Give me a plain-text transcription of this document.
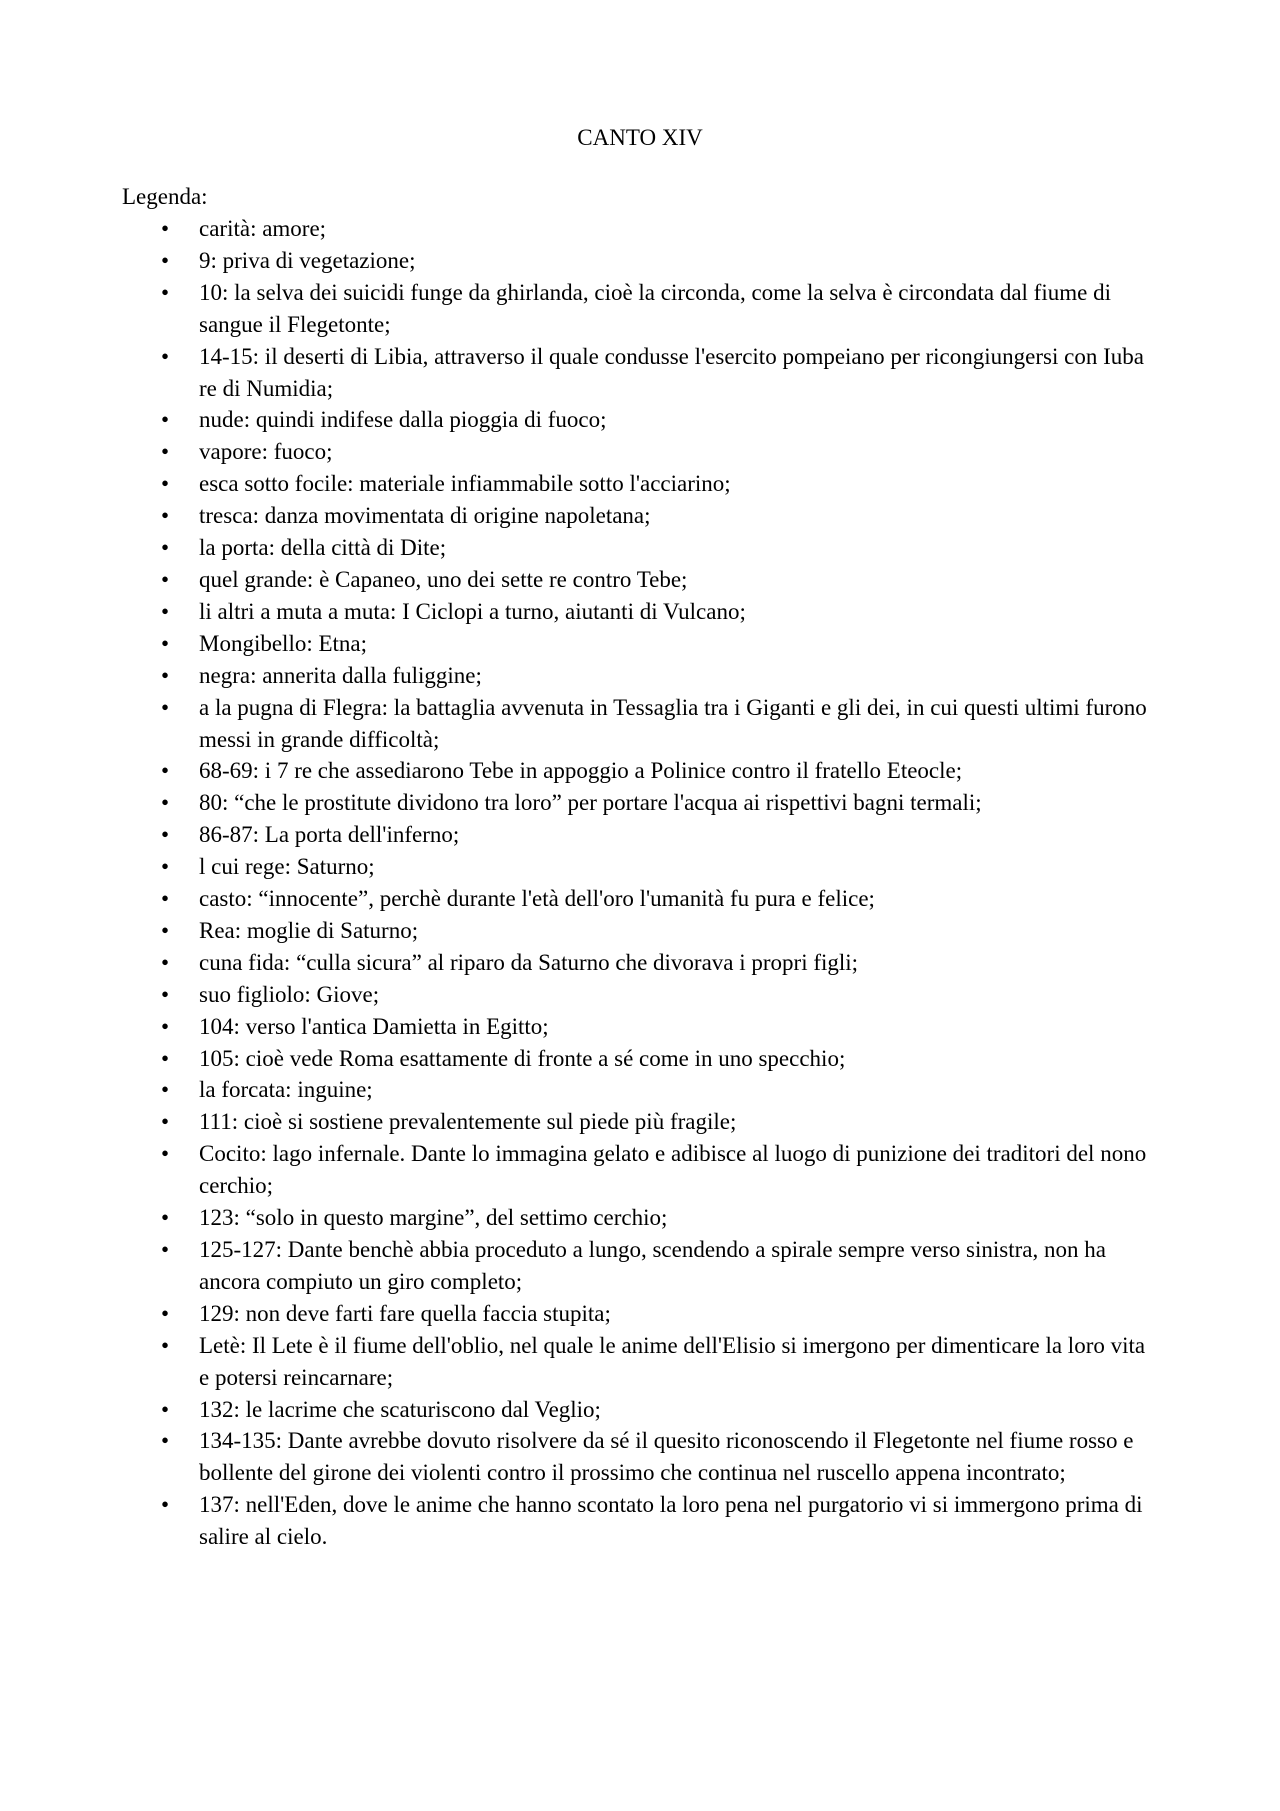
CANTO XIV
Legenda:
• carità: amore;
• 9: priva di vegetazione;
• 10: la selva dei suicidi funge da ghirlanda, cioè la circonda, come la selva è circondata dal fiume di sangue il Flegetonte;
• 14-15: il deserti di Libia, attraverso il quale condusse l'esercito pompeiano per ricongiungersi con Iuba re di Numidia;
• nude: quindi indifese dalla pioggia di fuoco;
• vapore: fuoco;
• esca sotto focile: materiale infiammabile sotto l'acciarino;
• tresca: danza movimentata di origine napoletana;
• la porta: della città di Dite;
• quel grande: è Capaneo, uno dei sette re contro Tebe;
• li altri a muta a muta: I Ciclopi a turno, aiutanti di Vulcano;
• Mongibello: Etna;
• negra: annerita dalla fuliggine;
• a la pugna di Flegra: la battaglia avvenuta in Tessaglia tra i Giganti e gli dei, in cui questi ultimi furono messi in grande difficoltà;
• 68-69: i 7 re che assediarono Tebe in appoggio a Polinice contro il fratello Eteocle;
• 80: “che le prostitute dividono tra loro” per portare l'acqua ai rispettivi bagni termali;
• 86-87: La porta dell'inferno;
• l cui rege: Saturno;
• casto: “innocente”, perchè durante l'età dell'oro l'umanità fu pura e felice;
• Rea: moglie di Saturno;
• cuna fida: “culla sicura” al riparo da Saturno che divorava i propri figli;
• suo figliolo: Giove;
• 104: verso l'antica Damietta in Egitto;
• 105: cioè vede Roma esattamente di fronte a sé come in uno specchio;
• la forcata: inguine;
• 111: cioè si sostiene prevalentemente sul piede più fragile;
• Cocito: lago infernale. Dante lo immagina gelato e adibisce al luogo di punizione dei traditori del nono cerchio;
• 123: “solo in questo margine”, del settimo cerchio;
• 125-127: Dante benchè abbia proceduto a lungo, scendendo a spirale sempre verso sinistra, non ha ancora compiuto un giro completo;
• 129: non deve farti fare quella faccia stupita;
• Letè: Il Lete è il fiume dell'oblio, nel quale le anime dell'Elisio si imergono per dimenticare la loro vita e potersi reincarnare;
• 132: le lacrime che scaturiscono dal Veglio;
• 134-135: Dante avrebbe dovuto risolvere da sé il quesito riconoscendo il Flegetonte nel fiume rosso e bollente del girone dei violenti contro il prossimo che continua nel ruscello appena incontrato;
• 137: nell'Eden, dove le anime che hanno scontato la loro pena nel purgatorio vi si immergono prima di salire al cielo.
